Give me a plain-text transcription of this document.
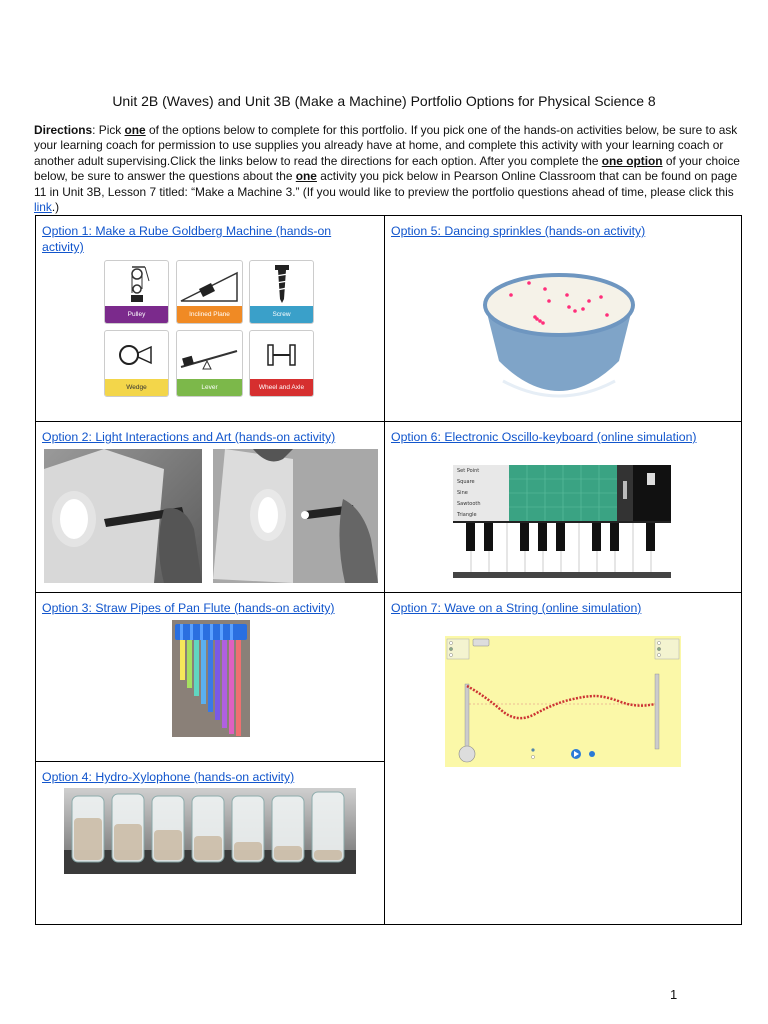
Unit 2B (Waves) and Unit 3B (Make a Machine) Portfolio Options for Physical Science 8
Directions: Pick one of the options below to complete for this portfolio. If you pick one of the hands-on activities below, be sure to ask your learning coach for permission to use supplies you already have at home, and complete this activity with your learning coach or another adult supervising.Click the links below to read the directions for each option. After you complete the one option of your choice below, be sure to answer the questions about the one activity you pick below in Pearson Online Classroom that can be found on page 11 in Unit 3B, Lesson 7 titled: “Make a Machine 3.” (If you would like to preview the portfolio questions ahead of time, please click this link.)
Option 1: Make a Rube Goldberg Machine (hands-on activity)
Pulley	Inclined Plane	Screw
Wedge	Lever	Wheel and Axle
Option 2: Light Interactions and Art (hands-on activity)
Option 3: Straw Pipes of Pan Flute (hands-on activity)
Option 4: Hydro-Xylophone (hands-on activity)
Option 5: Dancing sprinkles (hands-on activity)
Option 6: Electronic Oscillo-keyboard (online simulation)
Set Point
Square
Sine
Sawtooth
Triangle
Option 7: Wave on a String (online simulation)
1
